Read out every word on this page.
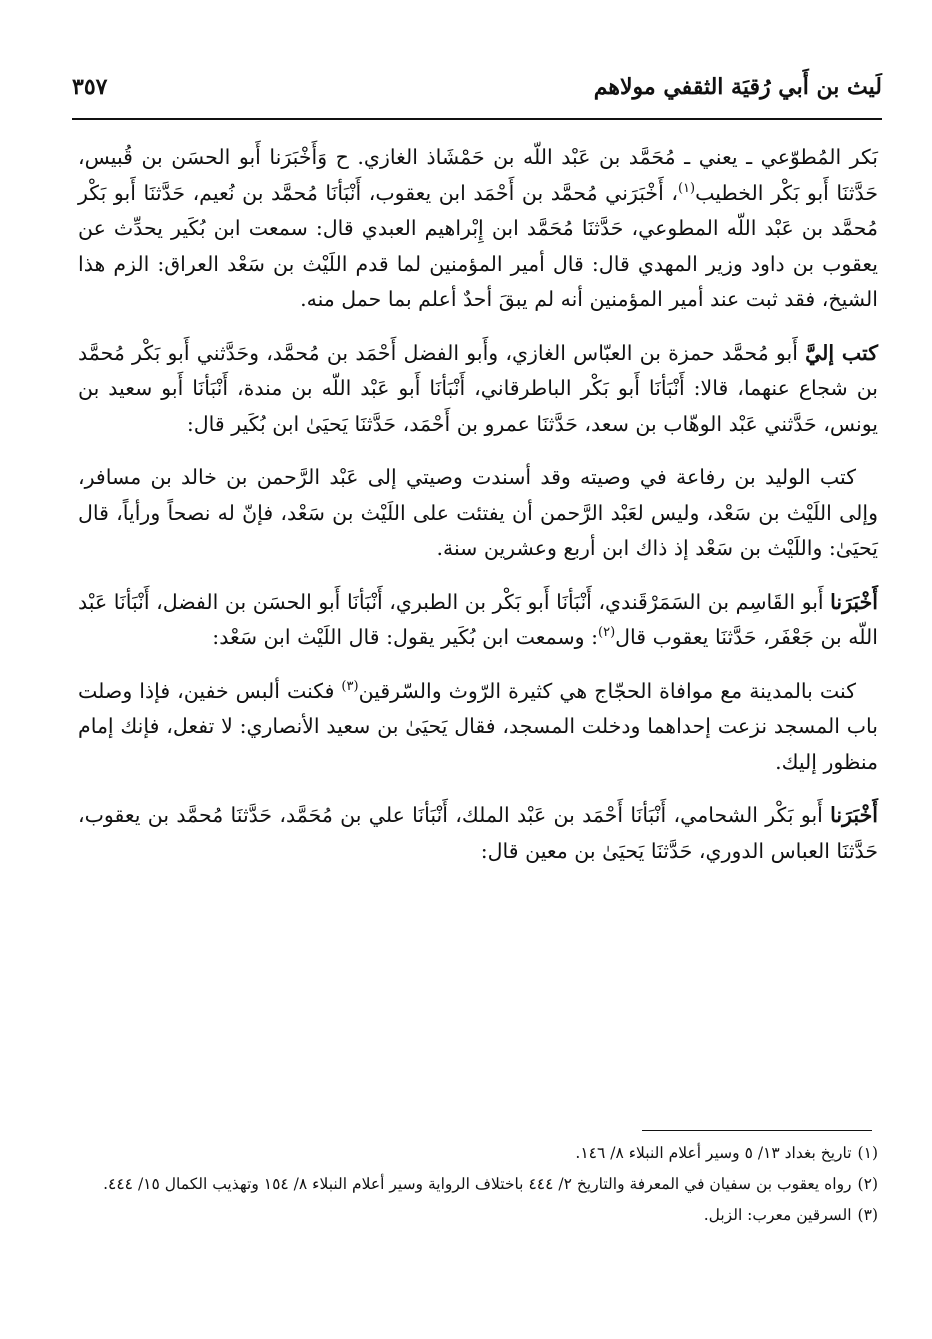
لَيث بن أَبي رُقيَة الثقفي مولاهم
٣٥٧

بَكر المُطوّعي ـ يعني ـ مُحَمَّد بن عَبْد اللّه بن حَمْشَاذ الغازي. ح وَأَخْبَرَنا أَبو الحسَن بن قُبيس، حَدَّثنَا أَبو بَكْر الخطيب$^{(١)}$، أَخْبَرَني مُحمَّد بن أَحْمَد ابن يعقوب، أَنْبَأنَا مُحمَّد بن نُعيم، حَدَّثنَا أَبو بَكْر مُحمَّد بن عَبْد اللّه المطوعي، حَدَّثنَا مُحَمَّد ابن إِبْراهيم العبدي قال: سمعت ابن بُكَير يحدِّث عن يعقوب بن داود وزير المهدي قال: قال أمير المؤمنين لما قدم اللَيْث بن سَعْد العراق: الزم هذا الشيخ، فقد ثبت عند أمير المؤمنين أنه لم يبقَ أحدٌ أعلم بما حمل منه.

كتب إليَّ أَبو مُحمَّد حمزة بن العبّاس الغازي، وأَبو الفضل أَحْمَد بن مُحمَّد، وحَدَّثني أَبو بَكْر مُحمَّد بن شجاع عنهما، قالا: أَنْبَأنَا أَبو بَكْر الباطرقاني، أَنْبَأنَا أَبو عَبْد اللّه بن مندة، أَنْبَأنَا أَبو سعيد بن يونس، حَدَّثني عَبْد الوهّاب بن سعد، حَدَّثنَا عمرو بن أَحْمَد، حَدَّثنَا يَحيَىٰ ابن بُكَير قال:

كتب الوليد بن رفاعة في وصيته وقد أسندت وصيتي إلى عَبْد الرَّحمن بن خالد بن مسافر، وإلى اللَيْث بن سَعْد، وليس لعَبْد الرَّحمن أن يفتئت على اللَيْث بن سَعْد، فإنّ له نصحاً ورأياً، قال يَحيَىٰ: واللَيْث بن سَعْد إذ ذاك ابن أربع وعشرين سنة.

أَخْبَرَنا أَبو القَاسِم بن السَمَرْقَندي، أَنْبَأنَا أَبو بَكْر بن الطبري، أَنْبَأنَا أَبو الحسَن بن الفضل، أَنْبَأنَا عَبْد اللّه بن جَعْفَر، حَدَّثنَا يعقوب قال$^{(٢)}$: وسمعت ابن بُكَير يقول: قال اللَيْث ابن سَعْد:

كنت بالمدينة مع موافاة الحجّاج هي كثيرة الرّوث والسّرقين$^{(٣)}$ فكنت ألبس خفين، فإذا وصلت باب المسجد نزعت إحداهما ودخلت المسجد، فقال يَحيَىٰ بن سعيد الأنصاري: لا تفعل، فإنك إمام منظور إليك.

أَخْبَرَنا أَبو بَكْر الشحامي، أَنْبَأنَا أَحْمَد بن عَبْد الملك، أَنْبَأنَا علي بن مُحَمَّد، حَدَّثنَا مُحمَّد بن يعقوب، حَدَّثنَا العباس الدوري، حَدَّثنَا يَحيَىٰ بن معين قال:

(١)تاريخ بغداد ١٣/ ٥ وسير أعلام النبلاء ٨/ ١٤٦.

(٢)رواه يعقوب بن سفيان في المعرفة والتاريخ ٢/ ٤٤٤ باختلاف الرواية وسير أعلام النبلاء ٨/ ١٥٤ وتهذيب الكمال ١٥/ ٤٤٤.

(٣)السرقين معرب: الزبل.
